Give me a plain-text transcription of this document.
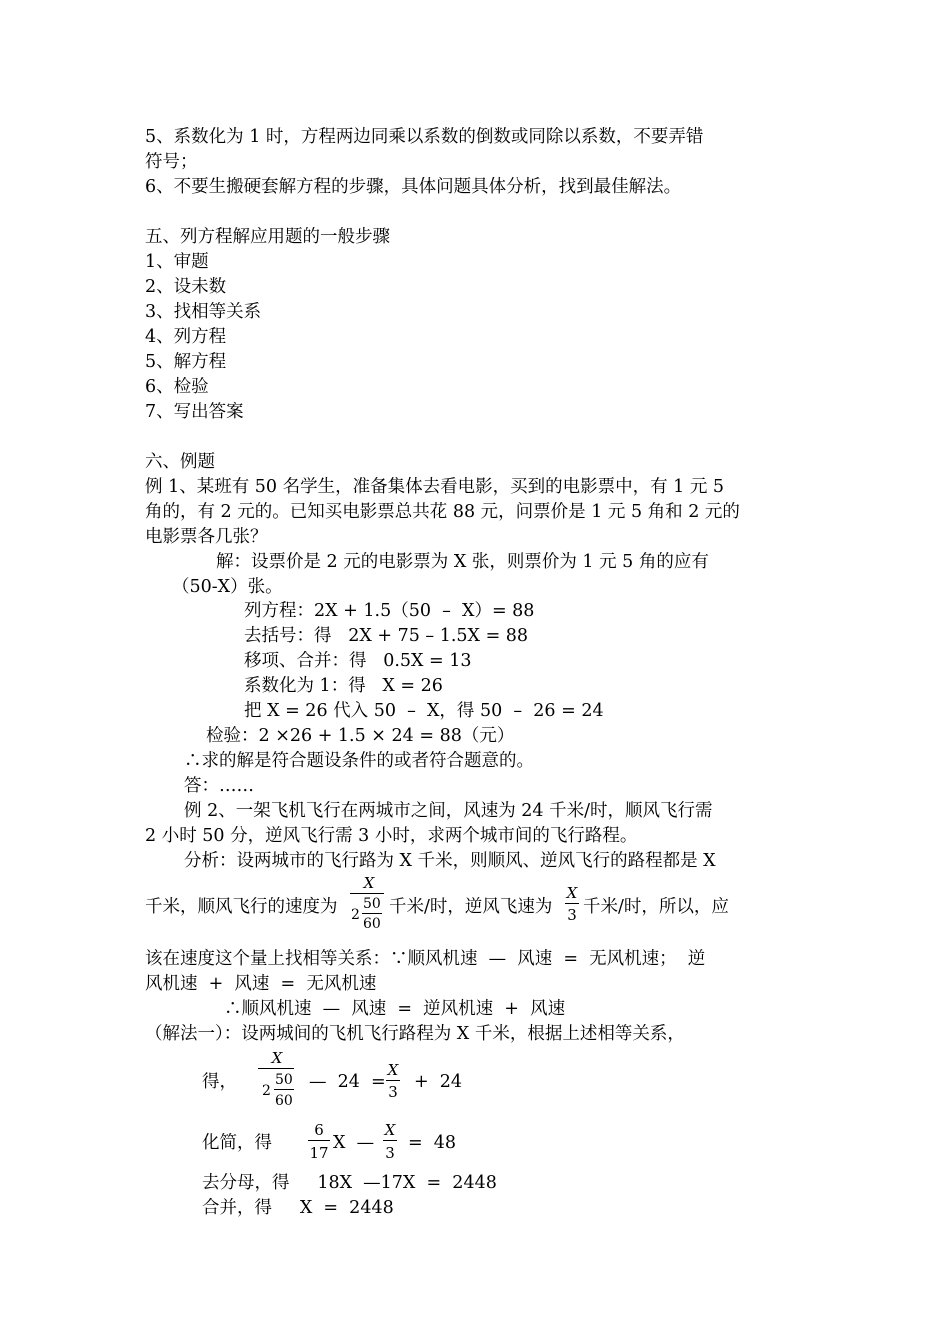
5、系数化为 1 时，方程两边同乘以系数的倒数或同除以系数，不要弄错
符号；
6、不要生搬硬套解方程的步骤，具体问题具体分析，找到最佳解法。
五、列方程解应用题的一般步骤
1、审题
2、设未数
3、找相等关系
4、列方程
5、解方程
6、检验
7、写出答案
六、例题
例 1、某班有 50 名学生，准备集体去看电影，买到的电影票中，有 1 元 5
角的，有 2 元的。已知买电影票总共花 88 元，问票价是 1 元 5 角和 2 元的
电影票各几张？
解：设票价是 2 元的电影票为 X 张，则票价为 1 元 5 角的应有
（50-X）张。
列方程：2X + 1.5（50  –  X）= 88
去括号：得   2X + 75 – 1.5X = 88
移项、合并：得   0.5X = 13
系数化为 1：得   X = 26
把 X = 26 代入 50  –  X，得 50  –  26 = 24
检验：2 ×26 + 1.5 × 24 = 88（元）
∴求的解是符合题设条件的或者符合题意的。
答：……
例 2、一架飞机飞行在两城市之间，风速为 24 千米/时，顺风飞行需
2 小时 50 分，逆风飞行需 3 小时，求两个城市间的飞行路程。
分析：设两城市的飞行路为 X 千米，则顺风、逆风飞行的路程都是 X
千米，顺风飞行的速度为
X
2
50
60
千米/时，逆风飞速为
X
3 千米/时，所以，应
该在速度这个量上找相等关系：∵顺风机速  —  风速  =  无风机速；  逆
风机速  +  风速  =  无风机速
∴顺风机速  —  风速  =  逆风机速  +  风速
（解法一）：设两城间的飞机飞行路程为 X 千米，根据上述相等关系，
得，
X
2
50
60
—  24  =
X
3 +  24
化简，得
6
17 X  —
X
3 =  48
去分母，得     18X  —17X  =  2448
合并，得     X  =  2448
